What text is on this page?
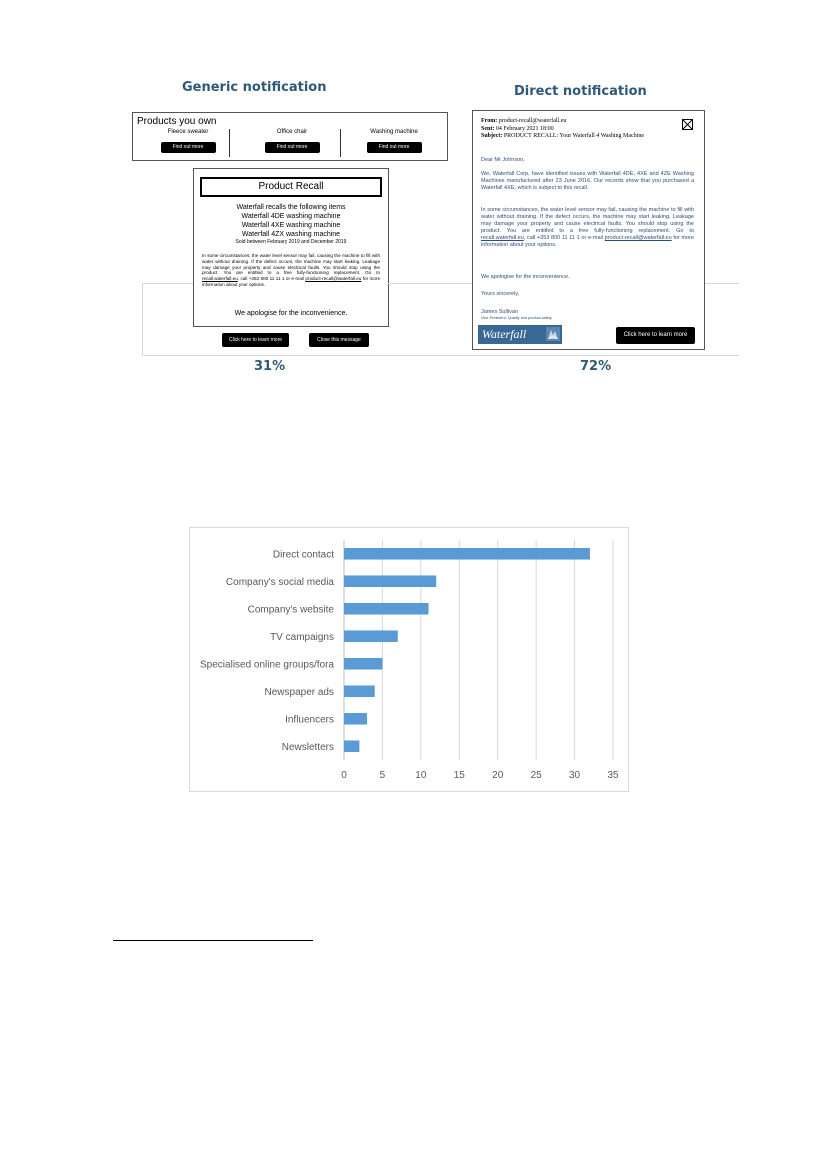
Generic notification
Products you own
Fleece sweater
Find out more
Office chair
Find out more
Washing machine
Find out more
Product Recall
Waterfall recalls the following items
Waterfall 4DE washing machine
Waterfall 4XE washing machine
Waterfall 4ZX washing machine
Sold between February 2019 and December 2019
In some circumstances, the water level sensor may fail, causing the machine to fill with water without draining. If the defect occurs, the machine may start leaking. Leakage may damage your property and cause electrical faults. You should stop using the product. You are entitled to a free fully-functioning replacement. Go to recall.waterfall.eu, call +353 800 11 11 1 or e-mail product-recall@waterfall.eu for more information about your options.
We apologise for the inconvenience.
Click here to learn more	Close this message
31%
Direct notification
From: product-recall@waterfall.eu
Sent: 04 February 2021 18:00
Subject: PRODUCT RECALL: Your Waterfall 4 Washing Machine
Dear Mr Johnson,
We, Waterfall Corp, have identified issues with Waterfall 4DE, 4XE and 4ZE Washing Machines manufactured after 23 June 2016. Our records show that you purchased a Waterfall 4XE, which is subject to this recall.
In some circumstances, the water level sensor may fail, causing the machine to fill with water without draining. If the defect occurs, the machine may start leaking. Leakage may damage your property and cause electrical faults. You should stop using the product. You are entitled to a free fully-functioning replacement. Go to recall.waterfall.eu, call +353 800 11 11 1 or e-mail product-recall@waterfall.eu for more information about your options.
We apologise for the inconvenience.
Yours sincerely,
James Sullivan
Vice-President, Quality and product safety
Waterfall	Click here to learn more
72%
Direct contact
Company's social media
Company's website
TV campaigns
Specialised online groups/fora
Newspaper ads
Influencers
Newsletters
0	5	10	15	20	25	30	35
